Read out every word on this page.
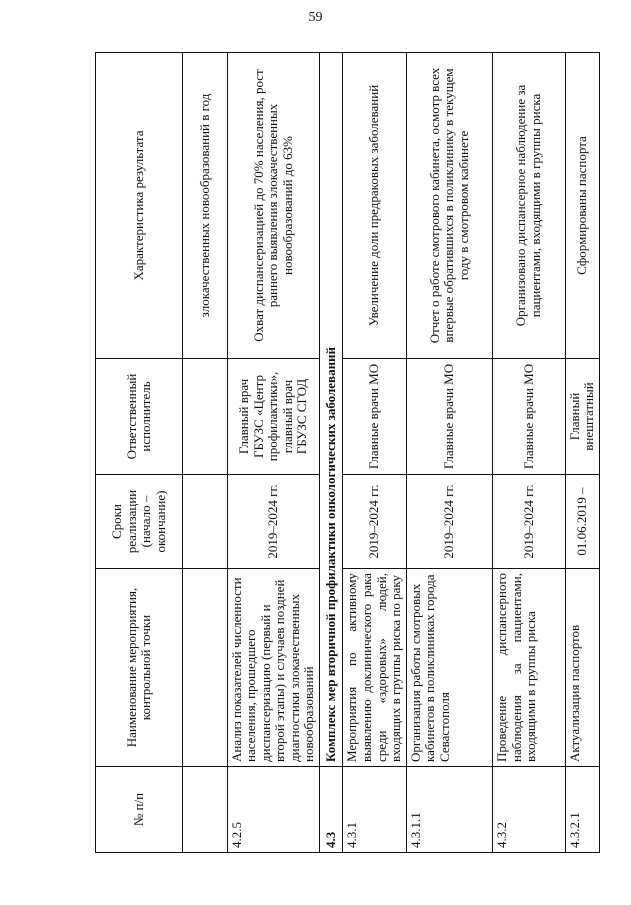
59
№ п/п	Наименование мероприятия, контрольной точки	Сроки реализации (начало – окончание)	Ответственный исполнитель	Характеристика результата
				злокачественных новообразований в год
4.2.5	Анализ показателей численности населения, прошедшего диспансеризацию (первый и второй этапы) и случаев поздней диагностики злокачественных новообразований	2019–2024 гг.	Главный врач ГБУЗС «Центр профилактики», главный врач ГБУЗС СГОД	Охват диспансеризацией до 70% населения, рост раннего выявления злокачественных новообразований до 63%
4.3	Комплекс мер вторичной профилактики онкологических заболеваний			
4.3.1	Мероприятия по активному выявлению доклинического рака среди «здоровых» людей, входящих в группы риска по раку	2019–2024 гг.	Главные врачи МО	Увеличение доли предраковых заболеваний
4.3.1.1	Организация работы смотровых кабинетов в поликлиниках города Севастополя	2019–2024 гг.	Главные врачи МО	Отчет о работе смотрового кабинета, осмотр всех впервые обратившихся в поликлинику в текущем году в смотровом кабинете
4.3.2	Проведение диспансерного наблюдения за пациентами, входящими в группы риска	2019–2024 гг.	Главные врачи МО	Организовано диспансерное наблюдение за пациентами, входящими в группы риска
4.3.2.1	Актуализация паспортов	01.06.2019 –	Главный внештатный	Сформированы паспорта
